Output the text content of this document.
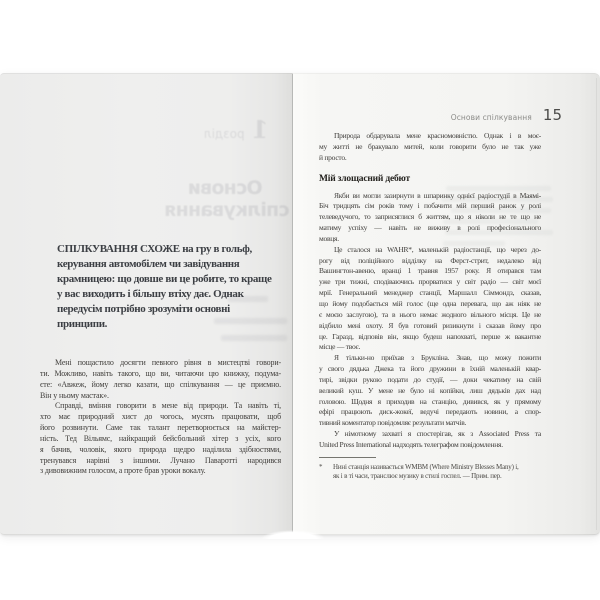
1
розділ
Основи
спілкування
СПІЛКУВАННЯ СХОЖЕ на гру в гольф,
керування автомобілем чи завідування
крамницею: що довше ви це робите, то краще
у вас виходить і більшу втіху дає. Однак
передусім потрібно зрозуміти основні
принципи.
Мені пощастило досягти певного рівня в мистецтві говори-
ти. Можливо, навіть такого, що ви, читаючи цю книжку, подума-
єте: «Авжеж, йому легко казати, що спілкування — це приємно.
Він у ньому мастак».
Справді, вміння говорити в мене від природи. Та навіть ті,
хто має природний хист до чогось, мусять працювати, щоб
його розвинути. Саме так талант перетворюється на майстер-
ність. Тед Вільямс, найкращий бейсбольний хітер з усіх, кого
я бачив, чоловік, якого природа щедро наділила здібностями,
тренувався нарівні з іншими. Лучано Паваротті народився
з дивовижним голосом, а проте брав уроки вокалу.
Основи спілкування 15
Природа обдарувала мене красномовністю. Однак і в моє-
му житті не бракувало митей, коли говорити було не так уже
й просто.
Мій злощасний дебют
Якби ви могли зазирнути в шпаринку однієї радіостудії в Маямі-
Біч тридцять сім років тому і побачити мій перший ранок у ролі
телеведучого, то заприсяглися б життям, що я ніколи не те що не
матиму успіху — навіть не виживу в ролі професіонального
мовця.
Це сталося на WAHR*, маленькій радіостанції, що через до-
рогу від поліційного відділку на Ферст-стрит, недалеко від
Вашингтон-авеню, вранці 1 травня 1957 року. Я отирався там
уже три тижні, сподіваючись прорватися у світ радіо — світ моєї
мрії. Генеральний менеджер станції, Маршалл Сіммондз, сказав,
що йому подобається мій голос (ще одна перевага, що аж ніяк не
є моєю заслугою), та в нього немає жодного вільного місця. Це не
відбило мені охоту. Я був готовий ризикнути і сказав йому про
це. Гаразд, відповів він, якщо будеш напохваті, перше ж вакантне
місце — твоє.
Я тільки-но приїхав з Брукліна. Знав, що можу пожити
у свого дядька Джека та його дружини в їхній маленькій квар-
тирі, звідки рукою подати до студії, — доки чекатиму на свій
великий куш. У мене не було ні копійки, лиш дядьків дах над
головою. Щодня я приходив на станцію, дивився, як у прямому
ефірі працюють диск-жокеї, ведучі передають новини, а спор-
тивний коментатор повідомляє результати матчів.
У німотному захваті я спостерігав, як з Associated Press та
United Press International надходять телеграфом повідомлення.
*	Нині станція називається WMBM (Where Ministry Blesses Many) і,
як і в ті часи, транслює музику в стилі госпел. — Прим. пер.
